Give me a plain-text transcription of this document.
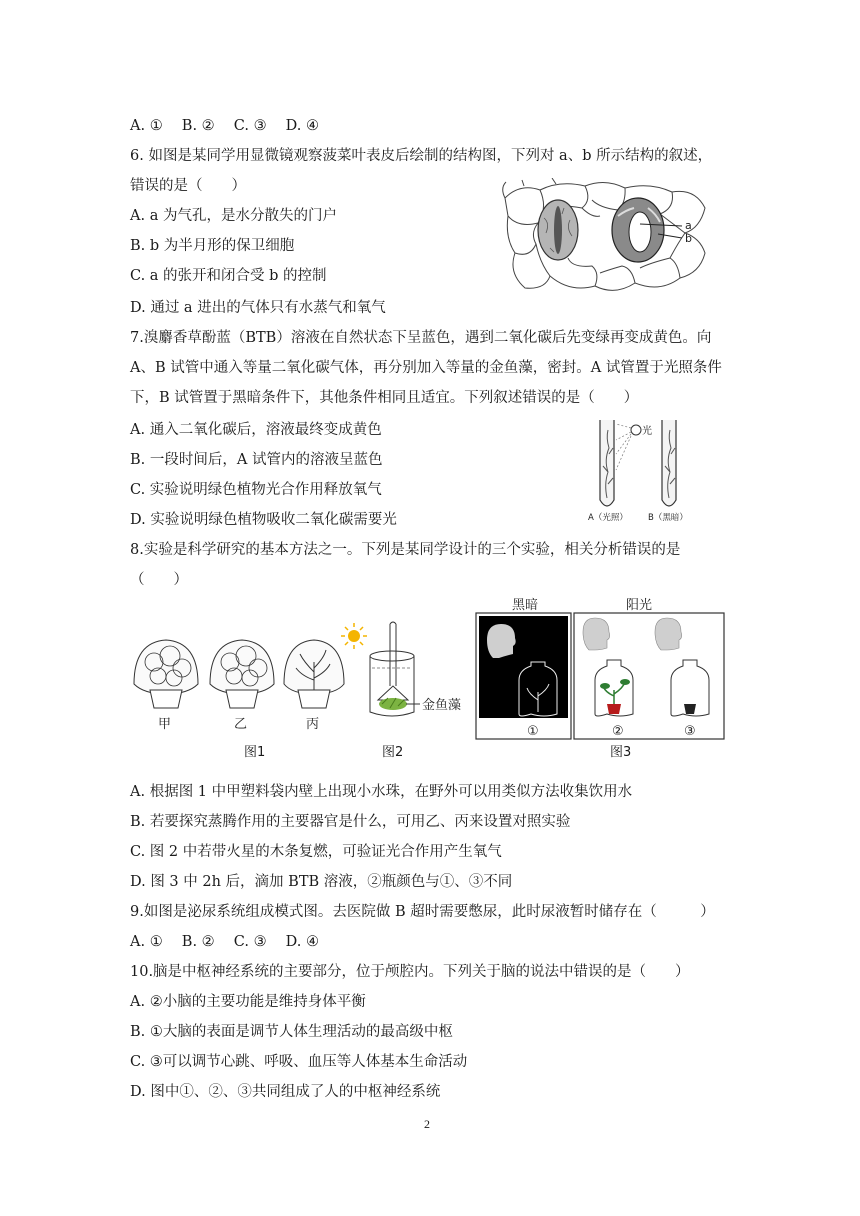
A. ①　 B. ②　 C. ③　 D. ④
6. 如图是某同学用显微镜观察菠菜叶表皮后绘制的结构图，下列对 a、b 所示结构的叙述，
错误的是（　　）
A. a 为气孔，是水分散失的门户
B. b 为半月形的保卫细胞
C. a 的张开和闭合受 b 的控制
D. 通过 a 进出的气体只有水蒸气和氧气
a
b
7.溴麝香草酚蓝（BTB）溶液在自然状态下呈蓝色，遇到二氧化碳后先变绿再变成黄色。向
A、B 试管中通入等量二氧化碳气体，再分别加入等量的金鱼藻，密封。A 试管置于光照条件
下，B 试管置于黑暗条件下，其他条件相同且适宜。下列叙述错误的是（　　）
A. 通入二氧化碳后，溶液最终变成黄色
B. 一段时间后，A 试管内的溶液呈蓝色
C. 实验说明绿色植物光合作用释放氧气
D. 实验说明绿色植物吸收二氧化碳需要光
光
A（光照） B（黑暗）
8.实验是科学研究的基本方法之一。下列是某同学设计的三个实验，相关分析错误的是
（　　）
甲	乙	丙
图1
金鱼藻
图2
黑暗	阳光
①	②	③
图3
A. 根据图 1 中甲塑料袋内壁上出现小水珠，在野外可以用类似方法收集饮用水
B. 若要探究蒸腾作用的主要器官是什么，可用乙、丙来设置对照实验
C. 图 2 中若带火星的木条复燃，可验证光合作用产生氧气
D. 图 3 中 2h 后，滴加 BTB 溶液，②瓶颜色与①、③不同
9.如图是泌尿系统组成模式图。去医院做 B 超时需要憋尿，此时尿液暂时储存在（　　　）
A. ①　 B. ②　 C. ③　 D. ④
10.脑是中枢神经系统的主要部分，位于颅腔内。下列关于脑的说法中错误的是（　　）
A. ②小脑的主要功能是维持身体平衡
B. ①大脑的表面是调节人体生理活动的最高级中枢
C. ③可以调节心跳、呼吸、血压等人体基本生命活动
D. 图中①、②、③共同组成了人的中枢神经系统
2
